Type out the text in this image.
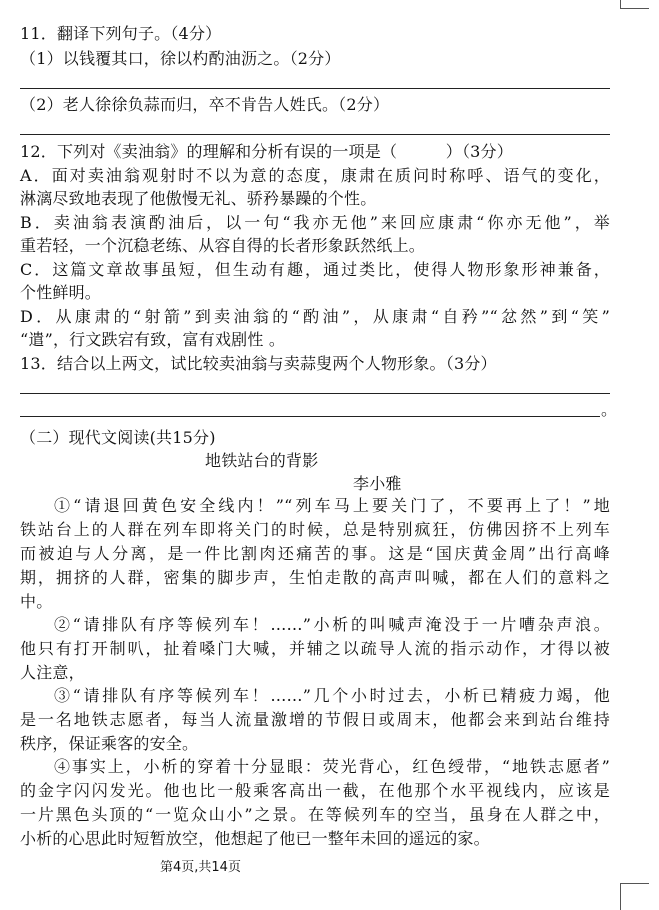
11．翻译下列句子。（4分）
（1）以钱覆其口，徐以杓酌油沥之。（2分）
（2）老人徐徐负蒜而归，卒不肯告人姓氏。（2分）
12．下列对《卖油翁》的理解和分析有误的一项是（　　　）（3分）
A．面对卖油翁观射时不以为意的态度，康肃在质问时称呼、语气的变化，
淋漓尽致地表现了他傲慢无礼、骄矜暴躁的个性。
B．卖油翁表演酌油后，以一句“我亦无他”来回应康肃“你亦无他”，举
重若轻，一个沉稳老练、从容自得的长者形象跃然纸上。
C．这篇文章故事虽短，但生动有趣，通过类比，使得人物形象形神兼备，
个性鲜明。
D．从康肃的“射箭”到卖油翁的“酌油”，从康肃“自矜”“忿然”到“笑”
“遣”，行文跌宕有致，富有戏剧性 。
13．结合以上两文，试比较卖油翁与卖蒜叟两个人物形象。（3分）
。
（二）现代文阅读(共15分)
地铁站台的背影
李小雅
①“请退回黄色安全线内！”“列车马上要关门了，不要再上了！”地
铁站台上的人群在列车即将关门的时候，总是特别疯狂，仿佛因挤不上列车
而被迫与人分离，是一件比割肉还痛苦的事。这是“国庆黄金周”出行高峰
期，拥挤的人群，密集的脚步声，生怕走散的高声叫喊，都在人们的意料之
中。
②“请排队有序等候列车！……”小析的叫喊声淹没于一片嘈杂声浪。
他只有打开制叭，扯着嗓门大喊，并辅之以疏导人流的指示动作，才得以被
人注意，
③“请排队有序等候列车！……”几个小时过去，小析已精疲力竭，他
是一名地铁志愿者，每当人流量激增的节假日或周末，他都会来到站台维持
秩序，保证乘客的安全。
④事实上，小析的穿着十分显眼：荧光背心，红色绶带，“地铁志愿者”
的金字闪闪发光。他也比一般乘客高出一截，在他那个水平视线内，应该是
一片黑色头顶的“一览众山小”之景。在等候列车的空当，虽身在人群之中，
小析的心思此时短暂放空，他想起了他已一整年未回的遥远的家。
第4页,共14页
